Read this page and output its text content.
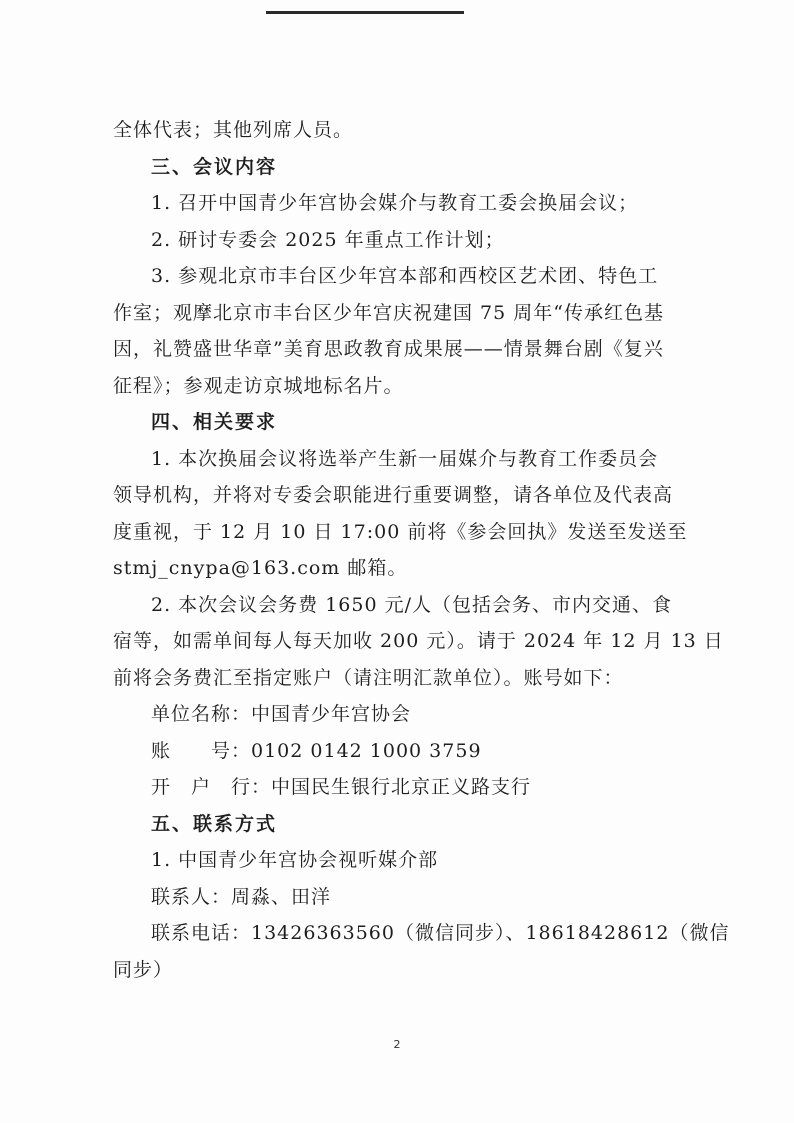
全体代表；其他列席人员。
三、会议内容
1. 召开中国青少年宫协会媒介与教育工委会换届会议；
2. 研讨专委会 2025 年重点工作计划；
3. 参观北京市丰台区少年宫本部和西校区艺术团、特色工
作室；观摩北京市丰台区少年宫庆祝建国 75 周年“传承红色基
因，礼赞盛世华章”美育思政教育成果展——情景舞台剧《复兴
征程》；参观走访京城地标名片。
四、相关要求
1. 本次换届会议将选举产生新一届媒介与教育工作委员会
领导机构，并将对专委会职能进行重要调整，请各单位及代表高
度重视，于 12 月 10 日 17:00 前将《参会回执》发送至发送至
stmj_cnypa@163.com 邮箱。
2. 本次会议会务费 1650 元/人（包括会务、市内交通、食
宿等，如需单间每人每天加收 200 元）。请于 2024 年 12 月 13 日
前将会务费汇至指定账户（请注明汇款单位）。账号如下：
单位名称：中国青少年宫协会
账　　号：0102 0142 1000 3759
开　户　行：中国民生银行北京正义路支行
五、联系方式
1. 中国青少年宫协会视听媒介部
联系人：周淼、田洋
联系电话：13426363560（微信同步）、18618428612（微信
同步）
2
